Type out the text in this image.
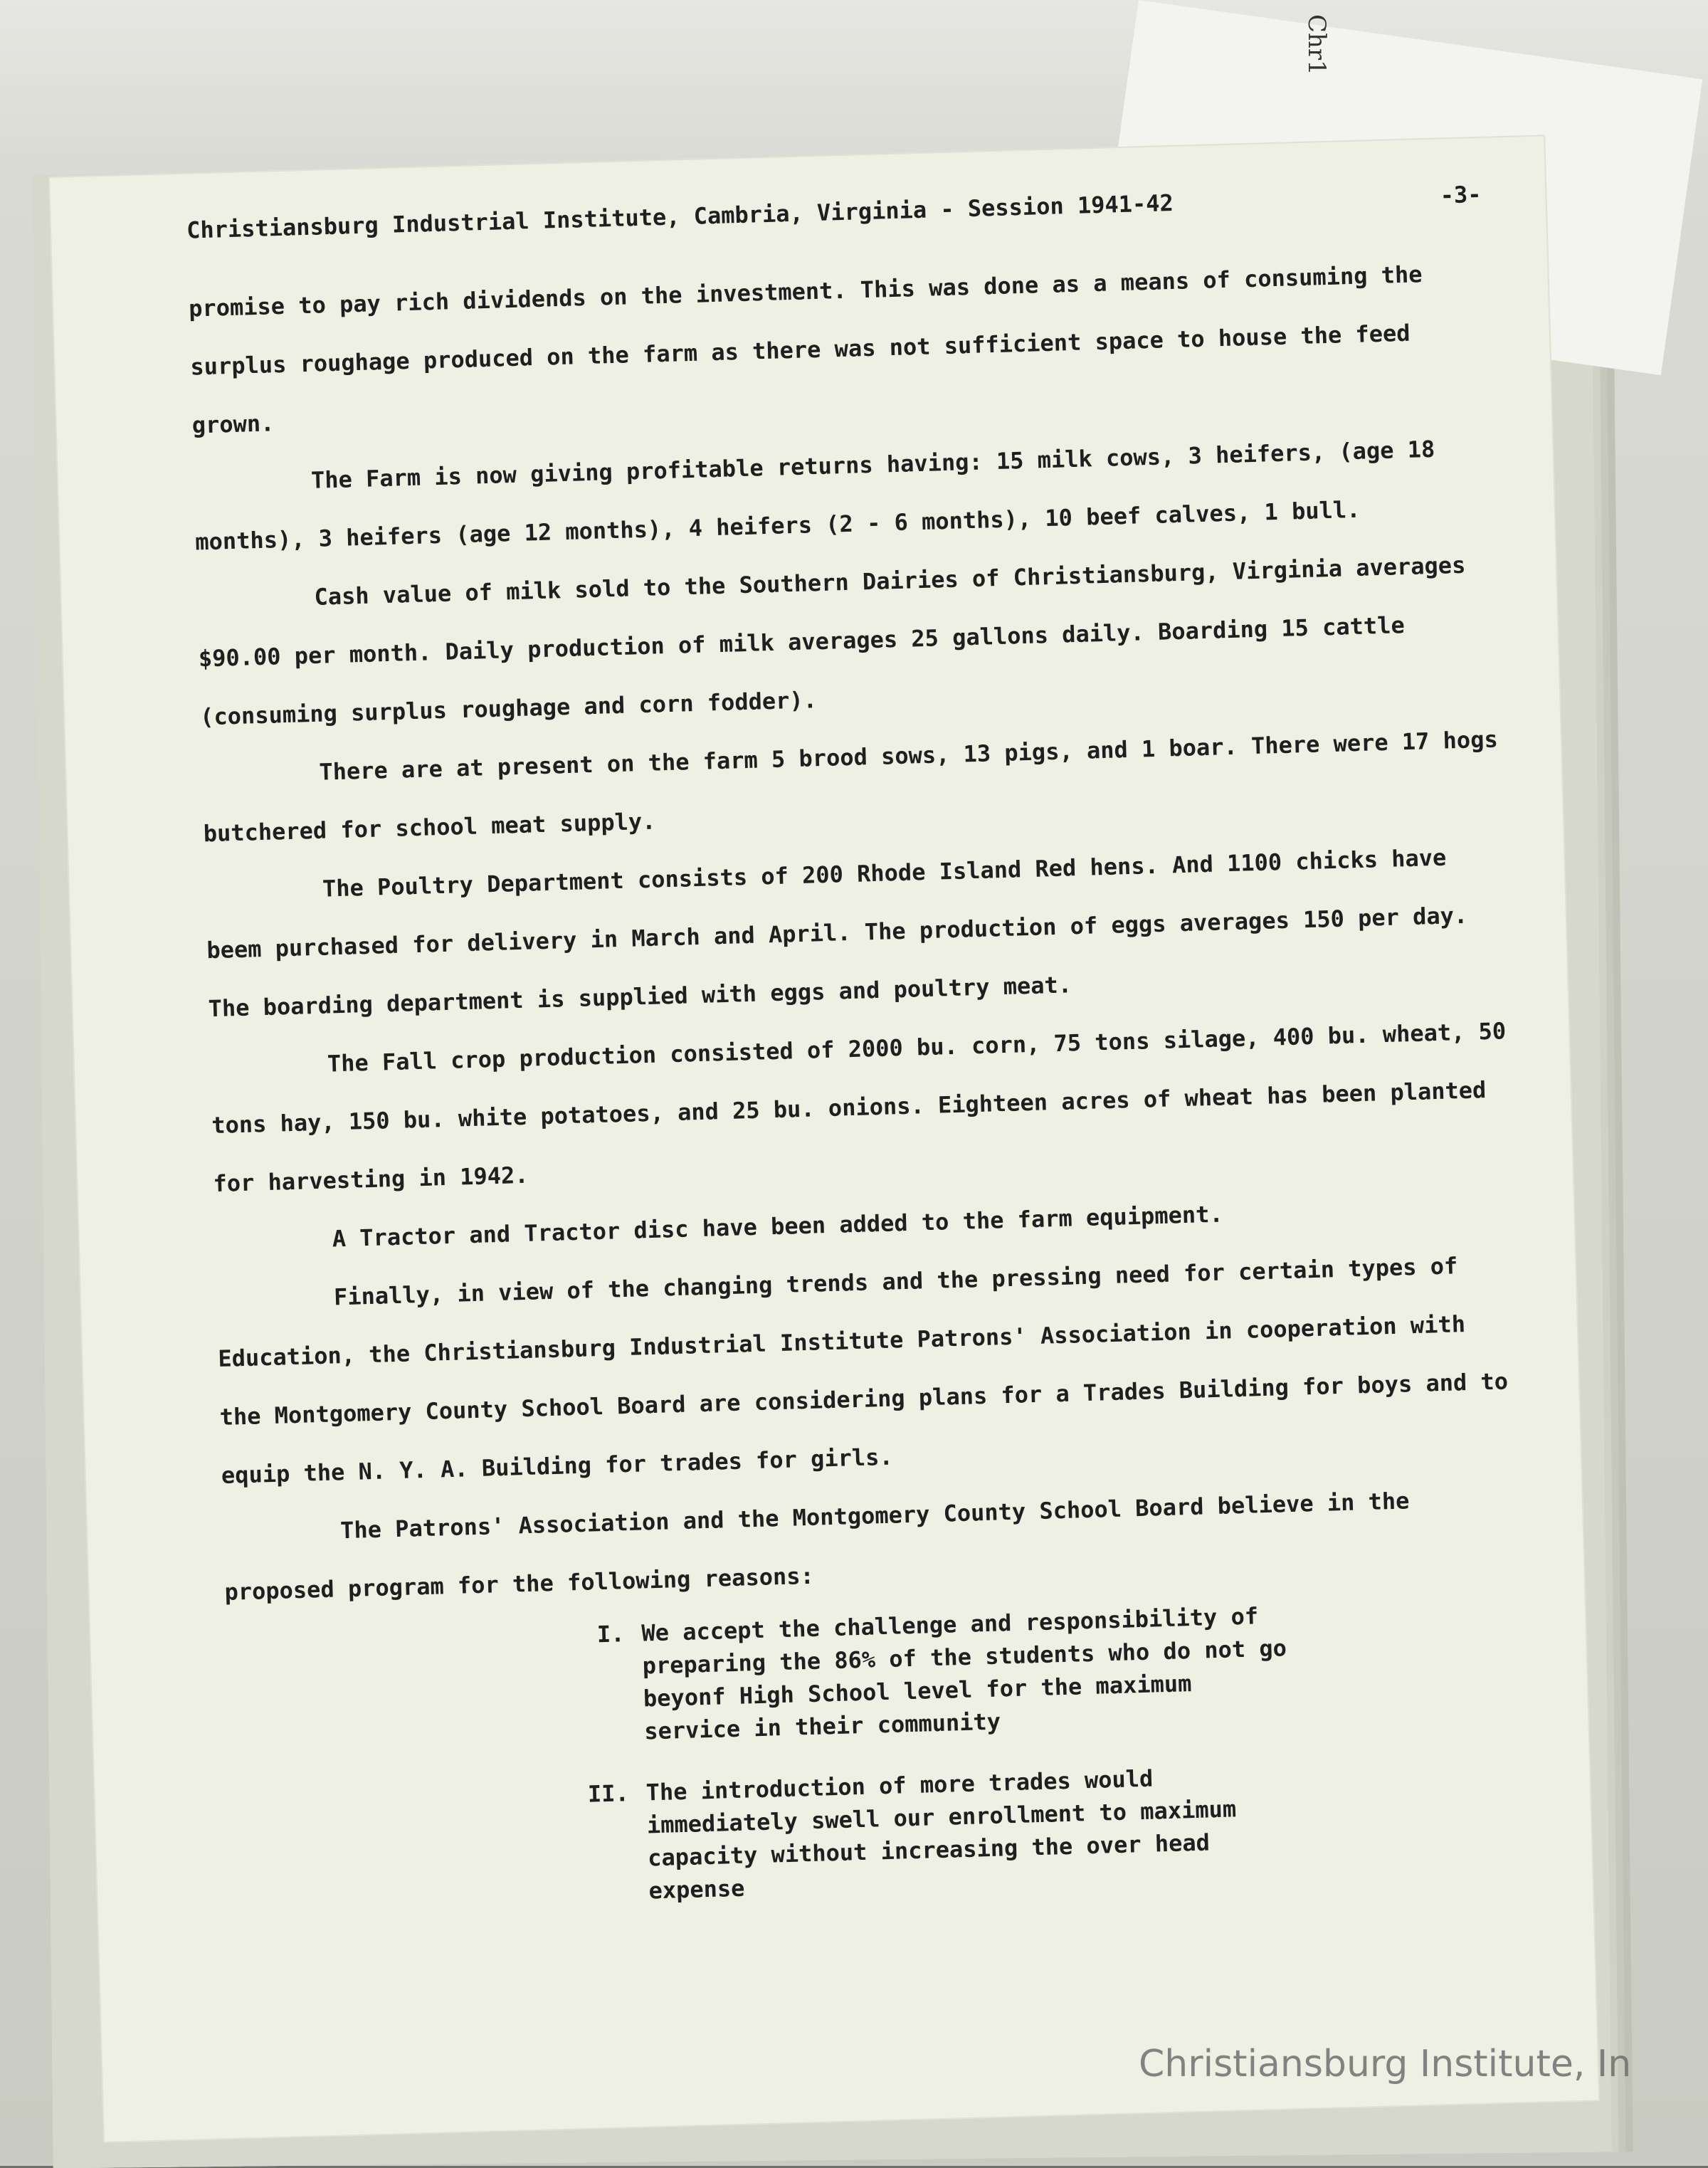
Chr1
Christiansburg Industrial Institute, Cambria, Virginia - Session 1941-42	-3-

promise to pay rich dividends on the investment. This was done as a means of consuming the surplus roughage produced on the farm as there was not sufficient space to house the feed grown.

The Farm is now giving profitable returns having: 15 milk cows, 3 heifers, (age 18 months), 3 heifers (age 12 months), 4 heifers (2 - 6 months), 10 beef calves, 1 bull.

Cash value of milk sold to the Southern Dairies of Christiansburg, Virginia averages $90.00 per month. Daily production of milk averages 25 gallons daily. Boarding 15 cattle (consuming surplus roughage and corn fodder).

There are at present on the farm 5 brood sows, 13 pigs, and 1 boar. There were 17 hogs butchered for school meat supply.

The Poultry Department consists of 200 Rhode Island Red hens. And 1100 chicks have beem purchased for delivery in March and April. The production of eggs averages 150 per day. The boarding department is supplied with eggs and poultry meat.

The Fall crop production consisted of 2000 bu. corn, 75 tons silage, 400 bu. wheat, 50 tons hay, 150 bu. white potatoes, and 25 bu. onions. Eighteen acres of wheat has been planted for harvesting in 1942.

A Tractor and Tractor disc have been added to the farm equipment.

Finally, in view of the changing trends and the pressing need for certain types of Education, the Christiansburg Industrial Institute Patrons' Association in cooperation with the Montgomery County School Board are considering plans for a Trades Building for boys and to equip the N. Y. A. Building for trades for girls.

The Patrons' Association and the Montgomery County School Board believe in the proposed program for the following reasons:

I. We accept the challenge and responsibility of preparing the 86% of the students who do not go beyonf High School level for the maximum service in their community
II. The introduction of more trades would immediately swell our enrollment to maximum capacity without increasing the over head expense
Christiansburg Institute, In
